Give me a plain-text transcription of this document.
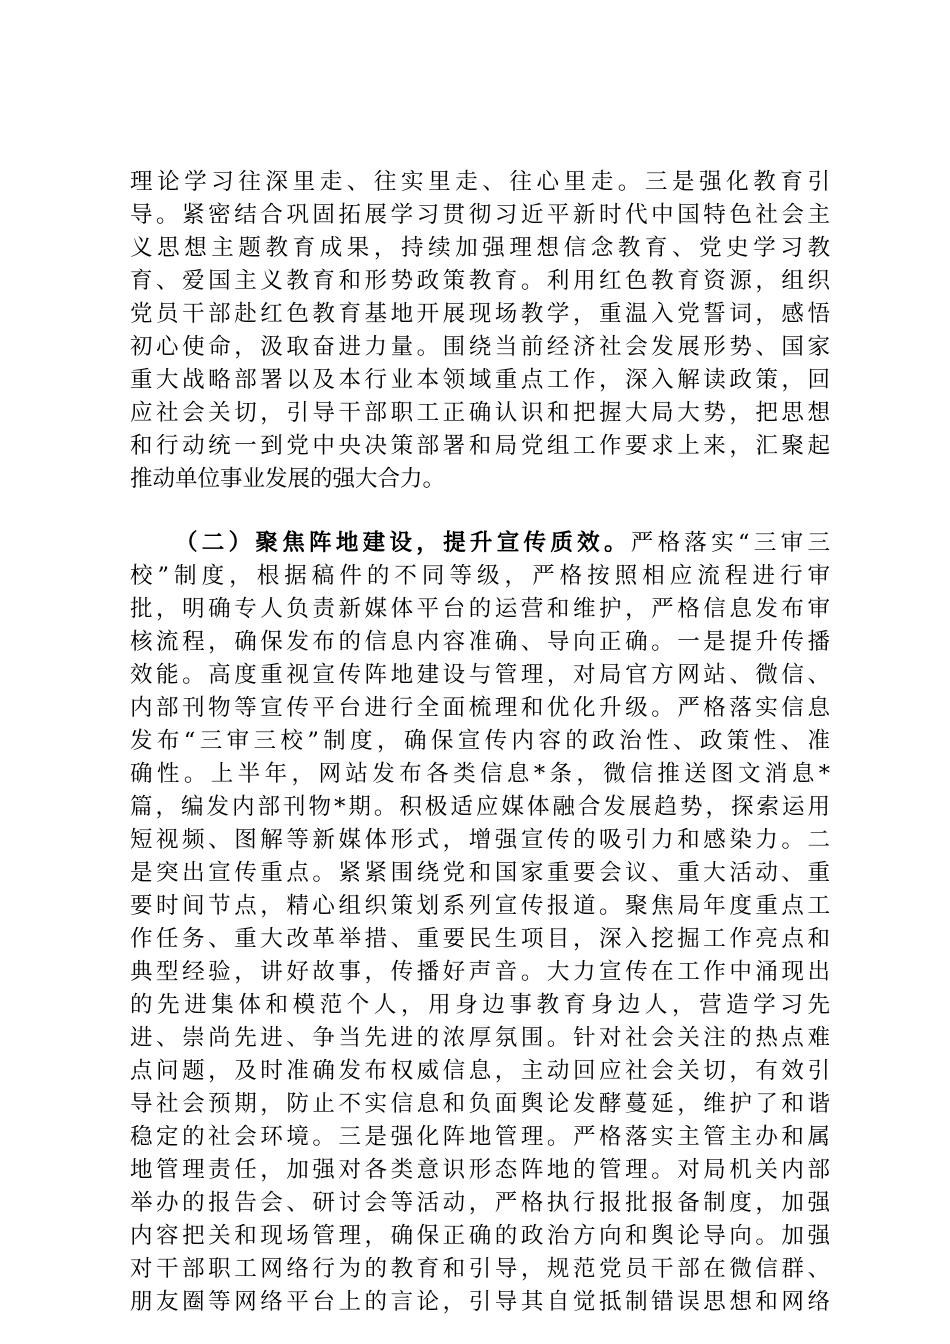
理论学习往深里走、往实里走、往心里走。三是强化教育引
导。紧密结合巩固拓展学习贯彻习近平新时代中国特色社会主
义思想主题教育成果，持续加强理想信念教育、党史学习教
育、爱国主义教育和形势政策教育。利用红色教育资源，组织
党员干部赴红色教育基地开展现场教学，重温入党誓词，感悟
初心使命，汲取奋进力量。围绕当前经济社会发展形势、国家
重大战略部署以及本行业本领域重点工作，深入解读政策，回
应社会关切，引导干部职工正确认识和把握大局大势，把思想
和行动统一到党中央决策部署和局党组工作要求上来，汇聚起
推动单位事业发展的强大合力。
（二）聚焦阵地建设，提升宣传质效。严格落实“三审三
校”制度，根据稿件的不同等级，严格按照相应流程进行审
批，明确专人负责新媒体平台的运营和维护，严格信息发布审
核流程，确保发布的信息内容准确、导向正确。一是提升传播
效能。高度重视宣传阵地建设与管理，对局官方网站、微信、
内部刊物等宣传平台进行全面梳理和优化升级。严格落实信息
发布“三审三校”制度，确保宣传内容的政治性、政策性、准
确性。上半年，网站发布各类信息*条，微信推送图文消息*
篇，编发内部刊物*期。积极适应媒体融合发展趋势，探索运用
短视频、图解等新媒体形式，增强宣传的吸引力和感染力。二
是突出宣传重点。紧紧围绕党和国家重要会议、重大活动、重
要时间节点，精心组织策划系列宣传报道。聚焦局年度重点工
作任务、重大改革举措、重要民生项目，深入挖掘工作亮点和
典型经验，讲好故事，传播好声音。大力宣传在工作中涌现出
的先进集体和模范个人，用身边事教育身边人，营造学习先
进、崇尚先进、争当先进的浓厚氛围。针对社会关注的热点难
点问题，及时准确发布权威信息，主动回应社会关切，有效引
导社会预期，防止不实信息和负面舆论发酵蔓延，维护了和谐
稳定的社会环境。三是强化阵地管理。严格落实主管主办和属
地管理责任，加强对各类意识形态阵地的管理。对局机关内部
举办的报告会、研讨会等活动，严格执行报批报备制度，加强
内容把关和现场管理，确保正确的政治方向和舆论导向。加强
对干部职工网络行为的教育和引导，规范党员干部在微信群、
朋友圈等网络平台上的言论，引导其自觉抵制错误思想和网络
